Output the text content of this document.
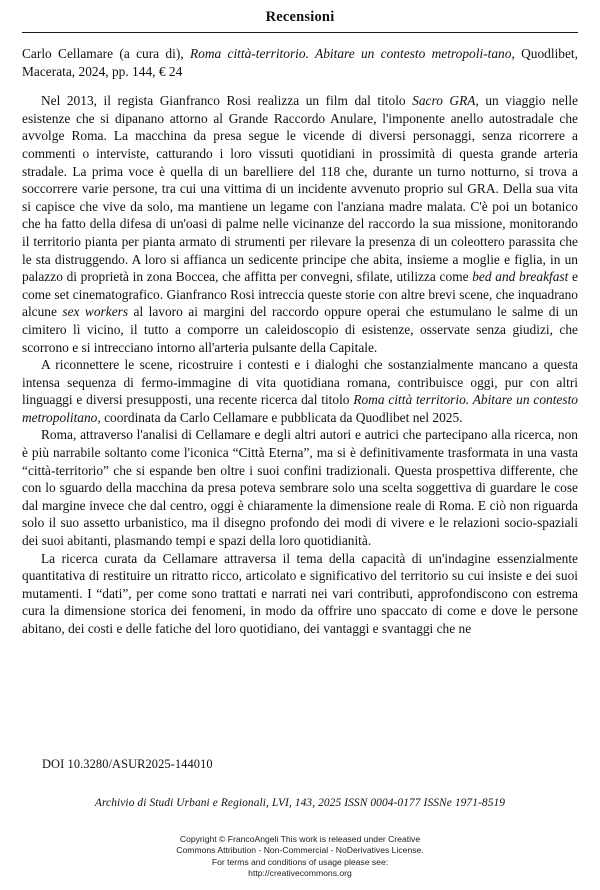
Recensioni
Carlo Cellamare (a cura di), Roma città-territorio. Abitare un contesto metropoli-tano, Quodlibet, Macerata, 2024, pp. 144, € 24

Nel 2013, il regista Gianfranco Rosi realizza un film dal titolo Sacro GRA, un viaggio nelle esistenze che si dipanano attorno al Grande Raccordo Anulare, l'imponente anello autostradale che avvolge Roma. La macchina da presa segue le vicende di diversi personaggi, senza ricorrere a commenti o interviste, catturando i loro vissuti quotidiani in prossimità di questa grande arteria stradale. La prima voce è quella di un barelliere del 118 che, durante un turno notturno, si trova a soccorrere varie persone, tra cui una vittima di un incidente avvenuto proprio sul GRA. Della sua vita si capisce che vive da solo, ma mantiene un legame con l'anziana madre malata. C'è poi un botanico che ha fatto della difesa di un'oasi di palme nelle vicinanze del raccordo la sua missione, monitorando il territorio pianta per pianta armato di strumenti per rilevare la presenza di un coleottero parassita che le sta distruggendo. A loro si affianca un sedicente principe che abita, insieme a moglie e figlia, in un palazzo di proprietà in zona Boccea, che affitta per convegni, sfilate, utilizza come bed and breakfast e come set cinematografico. Gianfranco Rosi intreccia queste storie con altre brevi scene, che inquadrano alcune sex workers al lavoro ai margini del raccordo oppure operai che estumulano le salme di un cimitero lì vicino, il tutto a comporre un caleidoscopio di esistenze, osservate senza giudizi, che scorrono e si intrecciano intorno all'arteria pulsante della Capitale.

A riconnettere le scene, ricostruire i contesti e i dialoghi che sostanzialmente mancano a questa intensa sequenza di fermo-immagine di vita quotidiana romana, contribuisce oggi, pur con altri linguaggi e diversi presupposti, una recente ricerca dal titolo Roma città territorio. Abitare un contesto metropolitano, coordinata da Carlo Cellamare e pubblicata da Quodlibet nel 2025.

Roma, attraverso l'analisi di Cellamare e degli altri autori e autrici che partecipano alla ricerca, non è più narrabile soltanto come l'iconica “Città Eterna”, ma si è definitivamente trasformata in una vasta “città-territorio” che si espande ben oltre i suoi confini tradizionali. Questa prospettiva differente, che con lo sguardo della macchina da presa poteva sembrare solo una scelta soggettiva di guardare le cose dal margine invece che dal centro, oggi è chiaramente la dimensione reale di Roma. E ciò non riguarda solo il suo assetto urbanistico, ma il disegno profondo dei modi di vivere e le relazioni socio-spaziali dei suoi abitanti, plasmando tempi e spazi della loro quotidianità.

La ricerca curata da Cellamare attraversa il tema della capacità di un'indagine essenzialmente quantitativa di restituire un ritratto ricco, articolato e significativo del territorio su cui insiste e dei suoi mutamenti. I “dati”, per come sono trattati e narrati nei vari contributi, approfondiscono con estrema cura la dimensione storica dei fenomeni, in modo da offrire uno spaccato di come e dove le persone abitano, dei costi e delle fatiche del loro quotidiano, dei vantaggi e svantaggi che ne

DOI 10.3280/ASUR2025-144010
Archivio di Studi Urbani e Regionali, LVI, 143, 2025 ISSN 0004-0177 ISSNe 1971-8519
Copyright © FrancoAngeli This work is released under Creative
Commons Attribution - Non-Commercial - NoDerivatives License.
For terms and conditions of usage please see:
http://creativecommons.org
